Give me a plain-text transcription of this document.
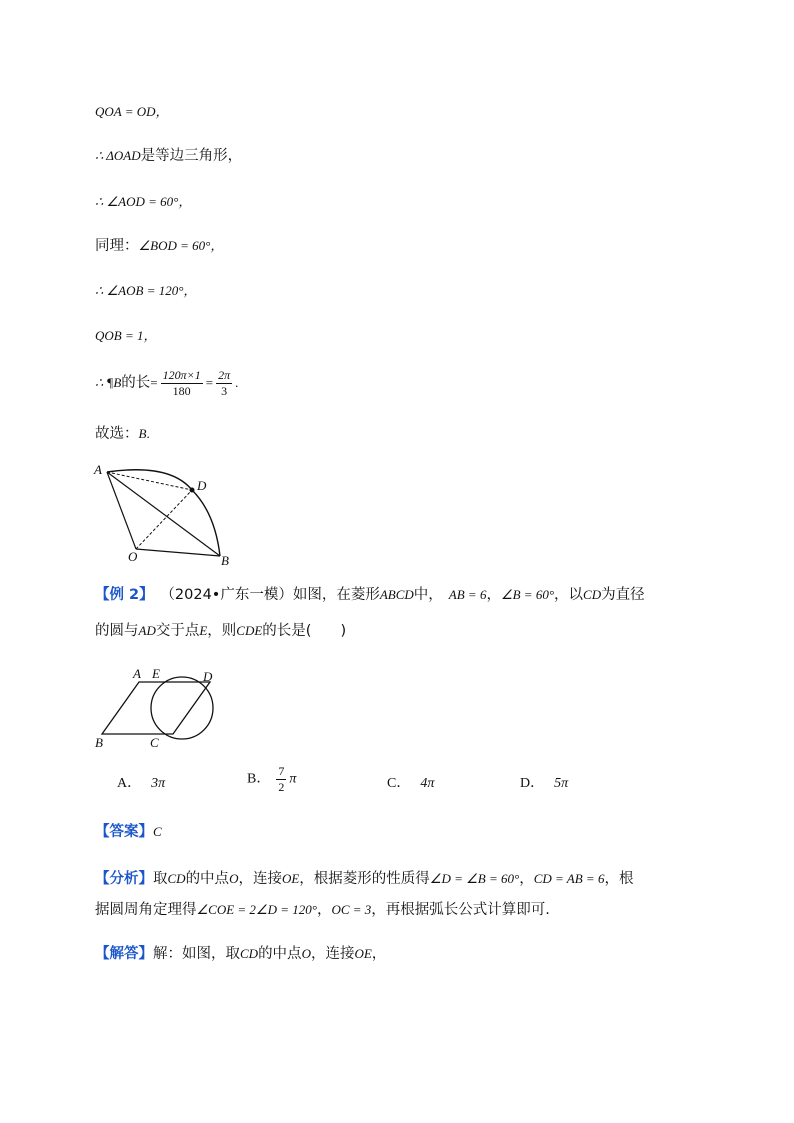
QOA = OD，
∴ ΔOAD是等边三角形，
∴ ∠AOD = 60°，
同理：∠BOD = 60°，
∴ ∠AOB = 120°，
QOB = 1，
∴ ¶B的长= $\frac{120\pi\times 1}{180} = \frac{2\pi}{3}$ .
故选：B.
A
D
O	B
【例 2】 （2024•广东一模）如图，在菱形ABCD中， AB = 6，∠B = 60°，以CD为直径
的圆与AD交于点E，则CDE的长是(　　)
A E	D
B	C
A． 3π	B． $\frac{7}{2}$ π	C． 4π	D． 5π
【答案】C
【分析】取CD的中点O，连接OE，根据菱形的性质得∠D = ∠B = 60°，CD = AB = 6，根
据圆周角定理得∠COE = 2∠D = 120°，OC = 3，再根据弧长公式计算即可.
【解答】解：如图，取CD的中点O，连接OE，
